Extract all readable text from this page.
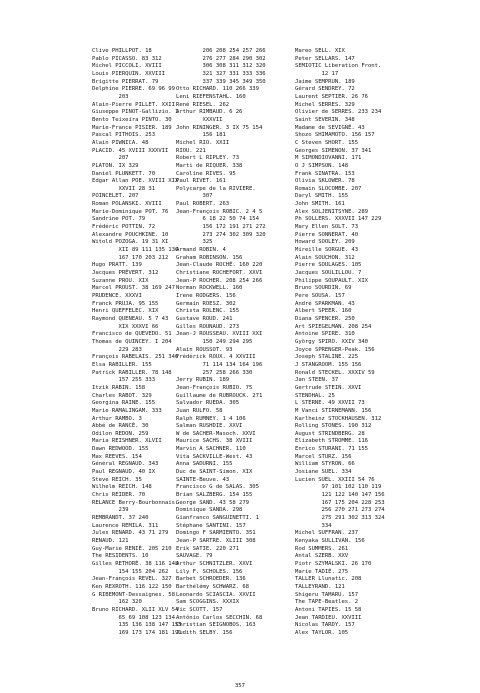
Clive PHILLPOT. 18
Pablo PICASSO. 83 312
Michel PICCOLI. XVIII
Louis PIERQUIN. XXVIII
Brigitte PIERRAT. 79
Delphine PIERRE. 69 96 99
203
Alain-Pierre PILLET. XXII
Giuseppe PINOT-Gallizio. 1
Bento Teixeira PINTO. 30
Marie-France PISIER. 189
Pascal PITHOIS. 253
Alain PIWNICA. 48
PLACID. 45 XVIII XXXVII
207
PLATON. IX 329
Daniel PLUNKETT. 70
Edgar Allan POE. XVIII XIX
XXVII 28 31
POINCELET. 207
Roman POLANSKI. XVIII
Marie-Dominique POT. 76
Sandrine POT. 79
Frédéric POTTIN. 72
Alexandre POUCHKINE. 10
Witold POZOGA. 19 31 XI
XII 89 111 135 136
167 170 203 212
Hugo PRATT. 139
Jacques PRÉVERT. 312
Suzanne PROU. XIX
Marcel PROUST. 38 169 247
PRUDENCE. XXXVI
Franck PRUJA. 95 155
Henri QUEFFELEC. XIX
Raymond QUENEAU. 5 7 43
XIX XXXVI 66
Francisco de QUEVEDO. 51
Thomas de QUINCEY. I 204
229 283
François RABELAIS. 251 346
Elsa RABILLER. 155
Patrick RABILLER. 78 148
157 255 333
Itzik RABIN. 158
Charles RABOT. 329
Georgina RAINE. 155
Marie RAMALINGAM. 333
Arthur RAMBO. 3
Abbé de RANCÉ. 30
Odilon REDON. 259
Maria REISHNER. XLVII
Dawn REDWOOD. 155
Max REEVES. 154
Général REGNAUD. 343
Paul REGNAUD. 40 IX
Steve REICH. 35
Wilhelm REICH. 148
Chris REIDER. 70
RELANCE Berry-Bourbonnais.
239
REMBRANDT. 37 240
Laurence REMILA. 311
Jules RENARD. 43 71 279
RENAUD. 121
Guy-Marie RENIÉ. 205 210
The RESIDENTS. 10
Gilles RETHORÉ. 38 116 148
154 155 204 262
Jean-François REVEL. 327
Ken REXROTH. 116 122 150
G RIBEMONT-Dessaignes. 58
162 320
Bruno RICHARD. XLII XLV 54
65 69 108 123 134
135 136 138 147 155
169 173 174 181 191
206 208 254 257 266
276 277 284 290 302
306 308 311 312 320
321 327 331 333 336
337 339 345 349 350
Otto RICHARD. 110 266 339
Leni RIEFENSTAHL. 160
René RIESEL. 262
Arthur RIMBAUD. 6 26
XXXVII
John RININGER. 3 IX 75 154
156 181
Michel RIO. XXII
RIOU. 221
Robert L RIPLEY. 73
Marti de RIQUER. 338
Caroline RIVES. 95
Paul RIVET. 161
Polycarpe de la RIVIERE.
307
Paul ROBERT. 263
Jean-François ROBIC. 2 4 5
6 18 22 50 74 154
156 172 191 271 272
273 274 302 309 320
325
Armand ROBIN. 4
Graham ROBINSON. 156
Jean-Claude ROCHÉ. 160 220
Christiane ROCHEFORT. XXVI
Jean-P ROCHER. 208 254 266
Norman ROCKWELL. 160
Irene RODGERS. 156
Germain ROESZ. 302
Christa ROLENC. 155
Gustave ROUD. 241
Gilles ROUNAUD. 273
Jean-J ROUSSEAU. XVIII XXI
150 249 294 295
Alain ROUSSOT. 93
Frédérick ROUX. 4 XXVIII
71 114 134 164 196
257 258 266 330
Jerry RUBIN. 189
Jean-François RUBIO. 75
Guillaume de RUBROUCK. 271
Salvador RUEDA. 305
Juan RULFO. 58
Ralph RUMNEY. 1 4 106
Salman RUSHDIE. XXVI
W de SACHER-Masoch. XXVI
Maurice SACHS. 38 XVIII
Marvin A SACHNER. 110
Vita SACKVILLE-West. 43
Anna SADURNI. 155
Duc de SAINT-Simon. XIX
SAINTE-Beuve. 43
Francisco G de SALAS. 305
Brian SALZBERG. 154 155
George SAND. 43 58 279
Dominique SANDA. 298
Gianfranco SANGUINETTI. 1
Stéphane SANTINI. 157
Domingo F SARMIENTO. 351
Jean-P SARTRE. XLIII 308
Erik SATIE. 220 271
SAUVAGE. 79
Arthur SCHNITZLER. XXVI
Lily F. SCHOLES. 156
Barbet SCHROEDER. 136
Barthélémy SCHWARZ. 68
Leonardo SCIASCIA. XXVII
Sam SCOGGINS. XXXIX
Vic SCOTT. 157
Antônio Carlos SECCHIN. 68
Christian SEIGNOBOS. 163
Judith SELBY. 156
Mareo SELL. XIX
Peter SELLARS. 147
SEMIOTIC Liberation Front.
12 17
Jaime SEMPRUN. 189
Gérard SENDREY. 72
Laurent SEPTIER. 26 76
Michel SERRES. 329
Olivier de SERRES. 233 234
Saint SEVERIN. 348
Madame de SEVIGNÉ. 43
Shozo SHIMAMOTO. 156 157
C Steven SHORT. 155
Georges SIMENON. 37 341
M SIMONDIOVANNI. 171
O J SIMPSON. 148
Frank SINATRA. 153
Olivia SKLOWER. 78
Romain SLOCOMBE. 207
Daryl SMITH. 155
John SMITH. 161
Alex SOLJENITSYNE. 289
Ph SOLLERS. XXXVII 147 229
Mary Ellen SOLT. 73
Pierre SONNERAT. 40
Howard SOOLEY. 209
Mireille SORGUE. 43
Alain SOUCHON. 312
Pierre SOULAGES. 105
Jacques SOULILLOU. 7
Philippe SOUPAULT. XIX
Bruno SOURDIN. 69
Pere SOUSA. 157
André SPARKMAN. 43
Albert SPEER. 160
Diana SPENCER. 250
Art SPIEGELMAN. 208 254
Antoine SPIRE. 310
György SPIRO. XXIV 340
Joyce SPRENGER-Peak. 156
Joseph STALINE. 225
J STANGROOM. 155 156
Ronald STECKEL. XXXIV 59
Jan STEEN. 37
Gertrude STEIN. XXVI
STENDHAL. 25
L STERNE. 49 XXVII 73
M Vanci STIRNEMANN. 156
Karlheinz STOCKHAUSEN. 312
Rolling STONES. 190 312
August STRINDBERG. 28
Elizabeth STROMME. 116
Enrico STURANI. 71 155
Marcel STURZ. 156
William STYRON. 66
Josiane SUEL. 334
Lucien SUEL. XXIII 54 76
97 101 102 110 119
121 122 140 147 156
167 175 204 228 253
256 270 271 273 274
275 291 302 313 324
334
Michel SUFFRAN. 237
Kenyaka SULLIVAN. 156
Rod SUMMERS. 261
Antal SZERB. XXV
Piotr SZYMALSKI. 26 170
Marie TADIÉ. 275
TALLER Llunatic. 208
TALLEYRAND. 121
Shigeru TAMARU. 157
The TAPE-Beatles. 2
Antoni TAPIES. 15 58
Jean TARDIEU. XXVIII
Nicolas TARDY. 157
Alex TAYLOR. 105
357
